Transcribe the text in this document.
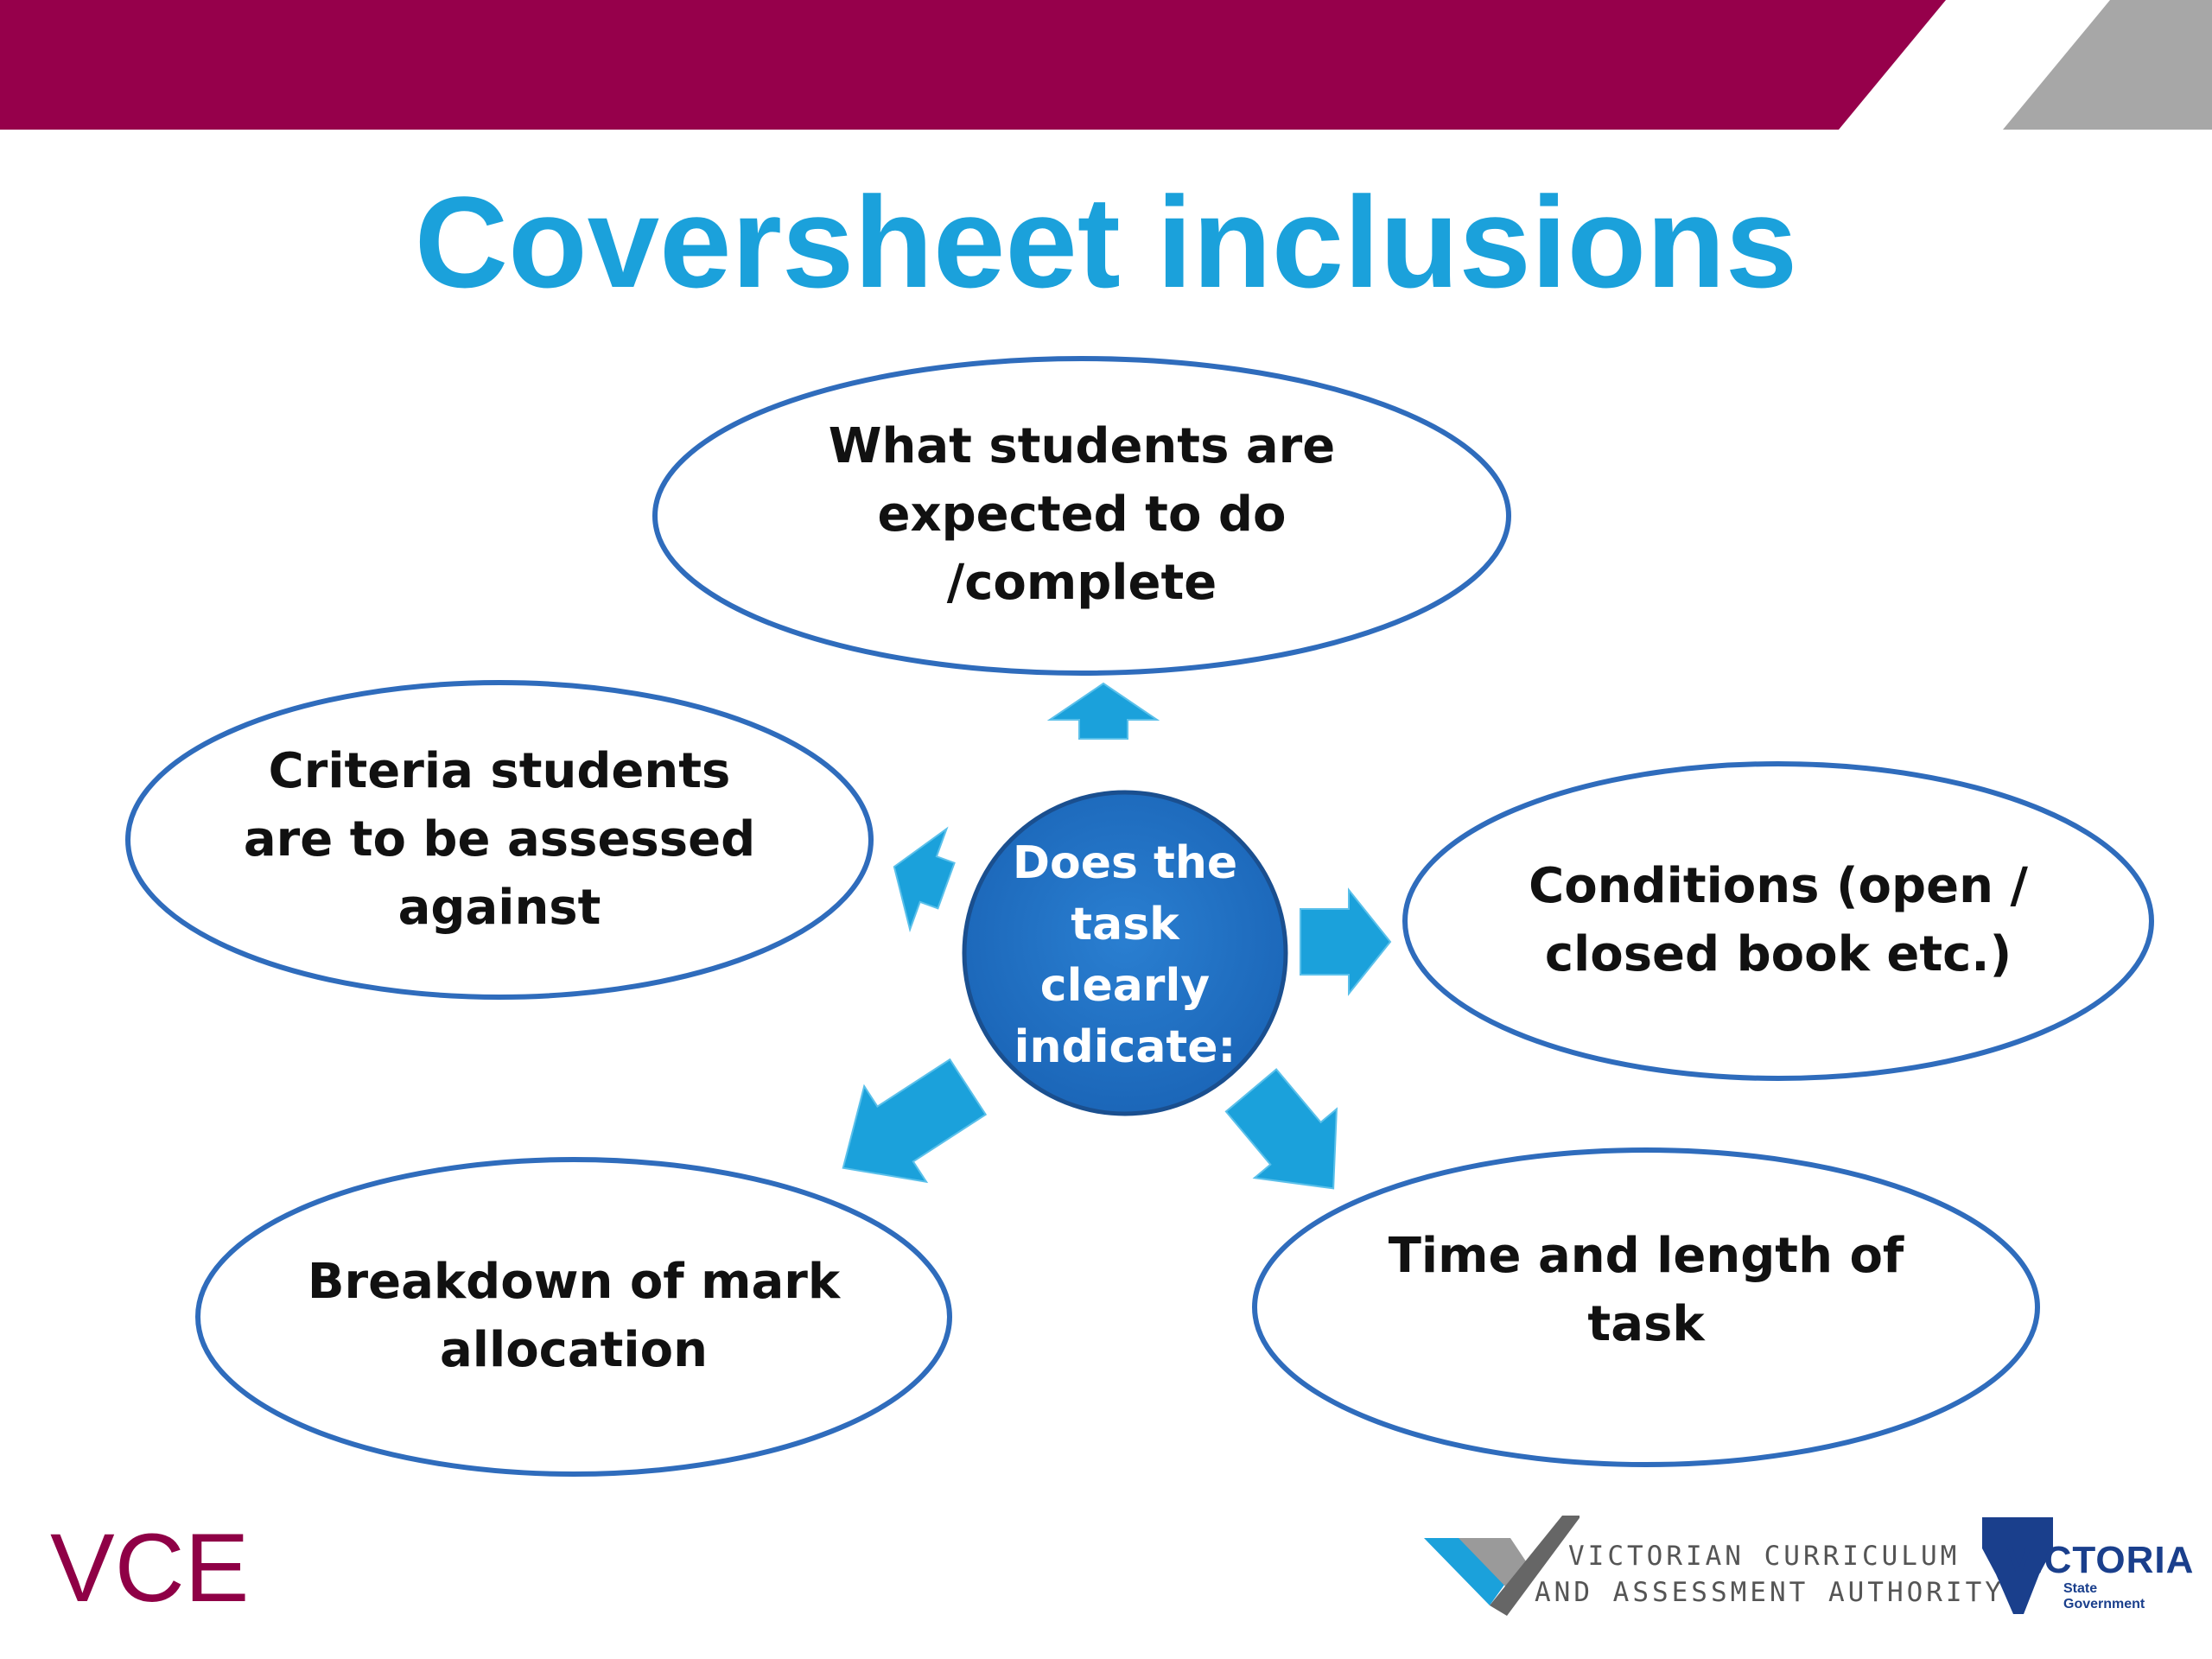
Coversheet inclusions
What students are
expected to do
/complete
Criteria students
are to be assessed
against	Conditions (open /
closed book etc.)
Breakdown of mark
allocation
Time and length of
task
Does the
task
clearly
indicate:
VCE	VICTORIAN CURRICULUM
AND ASSESSMENT AUTHORITY
VICTORIA
State
Government
